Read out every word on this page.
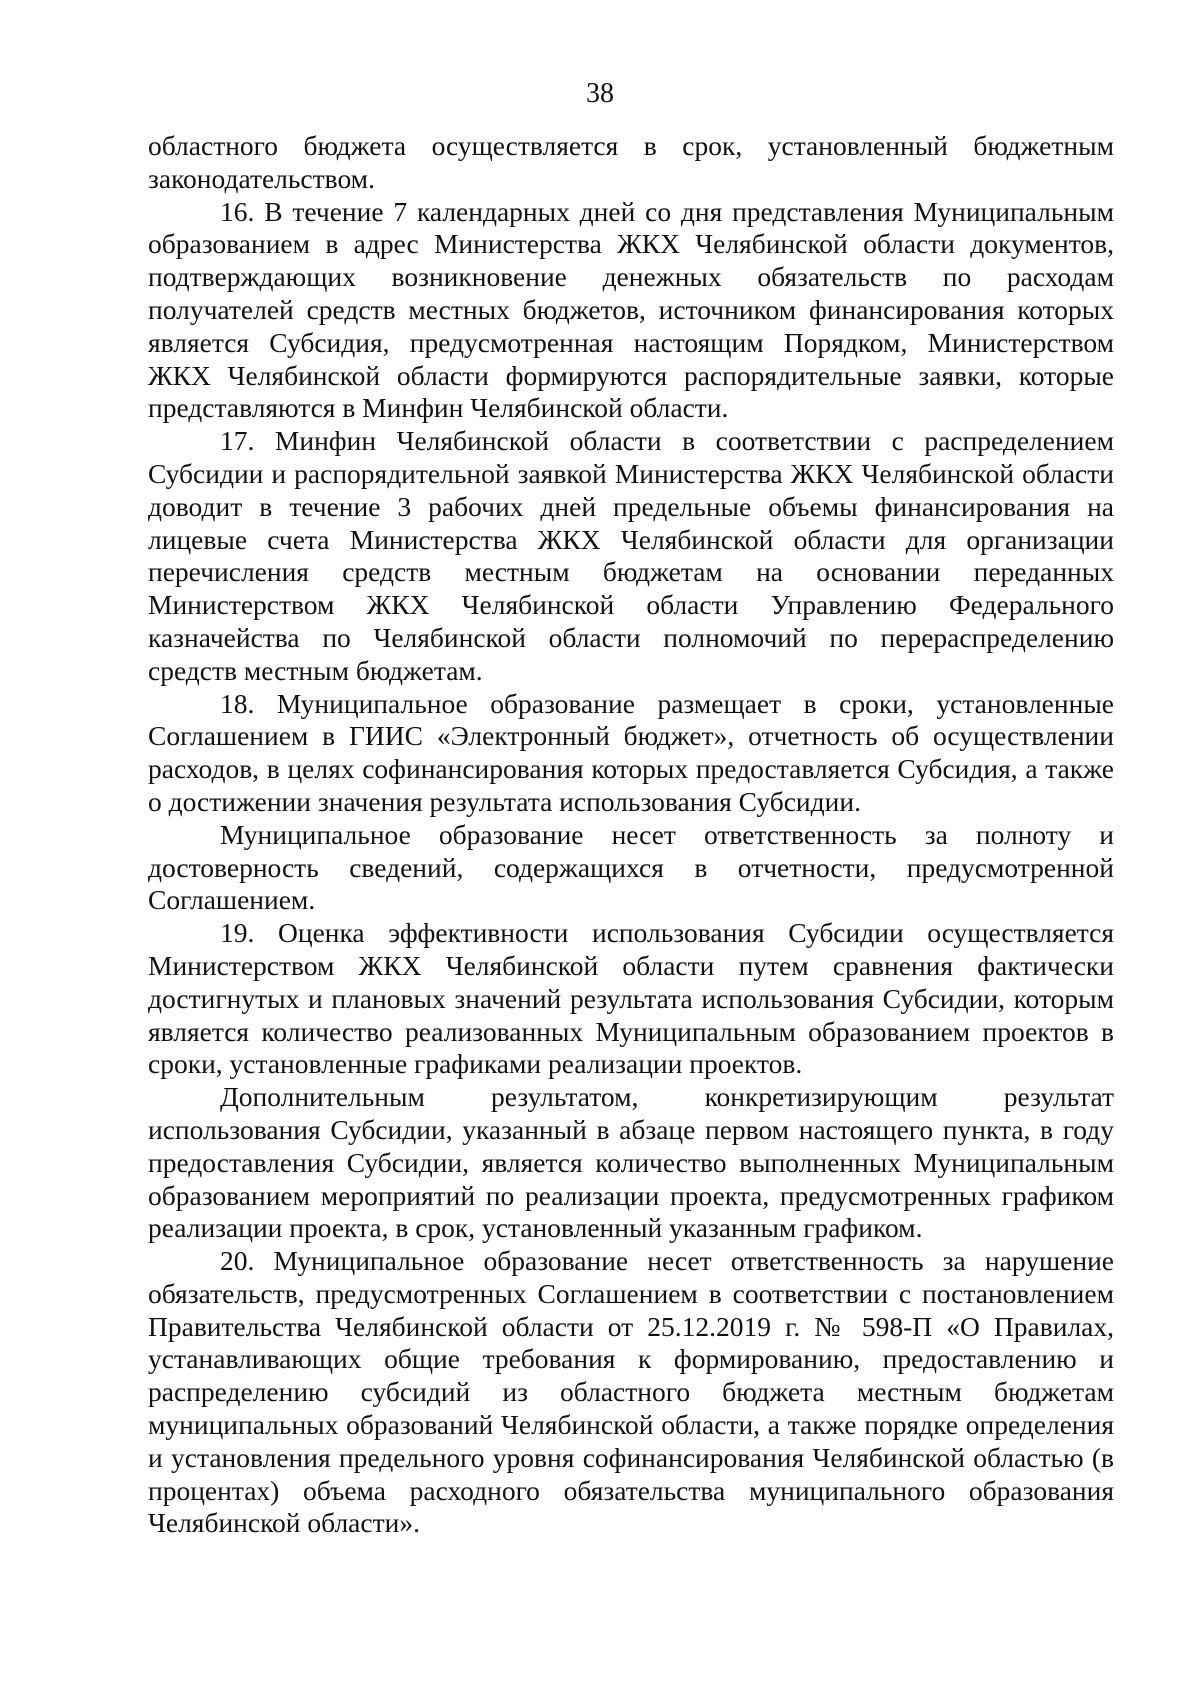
38

областного бюджета осуществляется в срок, установленный бюджетным законодательством.

16. В течение 7 календарных дней со дня представления Муниципальным образованием в адрес Министерства ЖКХ Челябинской области документов, подтверждающих возникновение денежных обязательств по расходам получателей средств местных бюджетов, источником финансирования которых является Субсидия, предусмотренная настоящим Порядком, Министерством ЖКХ Челябинской области формируются распорядительные заявки, которые представляются в Минфин Челябинской области.

17. Минфин Челябинской области в соответствии с распределением Субсидии и распорядительной заявкой Министерства ЖКХ Челябинской области доводит в течение 3 рабочих дней предельные объемы финансирования на лицевые счета Министерства ЖКХ Челябинской области для организации перечисления средств местным бюджетам на основании переданных Министерством ЖКХ Челябинской области Управлению Федерального казначейства по Челябинской области полномочий по перераспределению средств местным бюджетам.

18. Муниципальное образование размещает в сроки, установленные Соглашением в ГИИС «Электронный бюджет», отчетность об осуществлении расходов, в целях софинансирования которых предоставляется Субсидия, а также о достижении значения результата использования Субсидии.

Муниципальное образование несет ответственность за полноту и достоверность сведений, содержащихся в отчетности, предусмотренной Соглашением.

19. Оценка эффективности использования Субсидии осуществляется Министерством ЖКХ Челябинской области путем сравнения фактически достигнутых и плановых значений результата использования Субсидии, которым является количество реализованных Муниципальным образованием проектов в сроки, установленные графиками реализации проектов.

Дополнительным результатом, конкретизирующим результат использования Субсидии, указанный в абзаце первом настоящего пункта, в году предоставления Субсидии, является количество выполненных Муниципальным образованием мероприятий по реализации проекта, предусмотренных графиком реализации проекта, в срок, установленный указанным графиком.

20. Муниципальное образование несет ответственность за нарушение обязательств, предусмотренных Соглашением в соответствии с постановлением Правительства Челябинской области от 25.12.2019 г. № 598-П «О Правилах, устанавливающих общие требования к формированию, предоставлению и распределению субсидий из областного бюджета местным бюджетам муниципальных образований Челябинской области, а также порядке определения и установления предельного уровня софинансирования Челябинской областью (в процентах) объема расходного обязательства муниципального образования Челябинской области».
